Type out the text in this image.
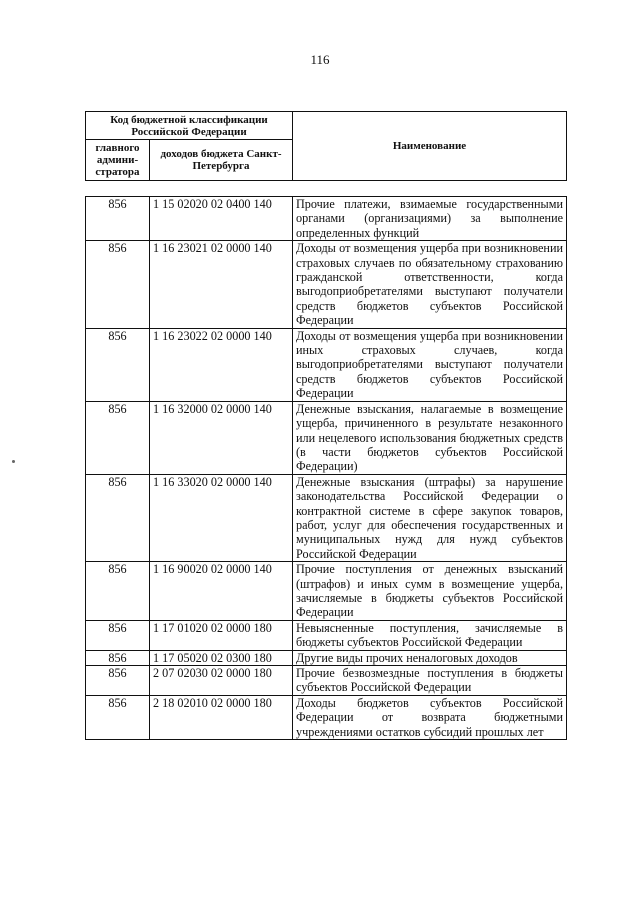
116
Код бюджетной классификации Российской Федерации		Наименование
главного админи-стратора	доходов бюджета Санкт-Петербурга	
856	1 15 02020 02 0400 140	Прочие платежи, взимаемые государственными органами (организациями) за выполнение определенных функций
856	1 16 23021 02 0000 140	Доходы от возмещения ущерба при возникновении страховых случаев по обязательному страхованию гражданской ответственности, когда выгодоприобретателями выступают получатели средств бюджетов субъектов Российской Федерации
856	1 16 23022 02 0000 140	Доходы от возмещения ущерба при возникновении иных страховых случаев, когда выгодоприобретателями выступают получатели средств бюджетов субъектов Российской Федерации
856	1 16 32000 02 0000 140	Денежные взыскания, налагаемые в возмещение ущерба, причиненного в результате незаконного или нецелевого использования бюджетных средств (в части бюджетов субъектов Российской Федерации)
856	1 16 33020 02 0000 140	Денежные взыскания (штрафы) за нарушение законодательства Российской Федерации о контрактной системе в сфере закупок товаров, работ, услуг для обеспечения государственных и муниципальных нужд для нужд субъектов Российской Федерации
856	1 16 90020 02 0000 140	Прочие поступления от денежных взысканий (штрафов) и иных сумм в возмещение ущерба, зачисляемые в бюджеты субъектов Российской Федерации
856	1 17 01020 02 0000 180	Невыясненные поступления, зачисляемые в бюджеты субъектов Российской Федерации
856	1 17 05020 02 0300 180	Другие виды прочих неналоговых доходов
856	2 07 02030 02 0000 180	Прочие безвозмездные поступления в бюджеты субъектов Российской Федерации
856	2 18 02010 02 0000 180	Доходы бюджетов субъектов Российской Федерации от возврата бюджетными учреждениями остатков субсидий прошлых лет
